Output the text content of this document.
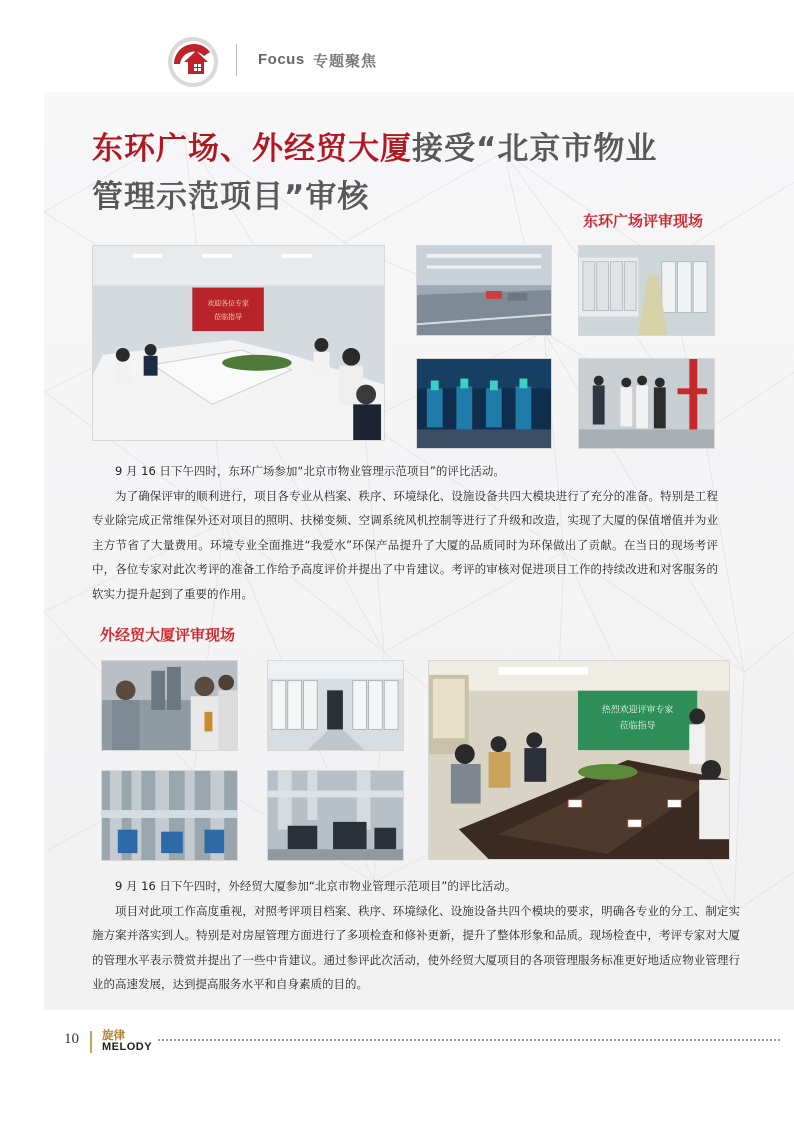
Focus 专题聚焦
东环广场、外经贸大厦接受“北京市物业
管理示范项目”审核
东环广场评审现场
欢迎各位专家
莅临指导

9 月 16 日下午四时，东环广场参加“北京市物业管理示范项目”的评比活动。

为了确保评审的顺利进行，项目各专业从档案、秩序、环境绿化、设施设备共四大模块进行了充分的准备。特别是工程专业除完成正常维保外还对项目的照明、扶梯变频、空调系统风机控制等进行了升级和改造，实现了大厦的保值增值并为业主方节省了大量费用。环境专业全面推进“我爱水”环保产品提升了大厦的品质同时为环保做出了贡献。在当日的现场考评中，各位专家对此次考评的准备工作给予高度评价并提出了中肯建议。考评的审核对促进项目工作的持续改进和对客服务的软实力提升起到了重要的作用。

外经贸大厦评审现场
热烈欢迎评审专家
莅临指导

9 月 16 日下午四时，外经贸大厦参加“北京市物业管理示范项目”的评比活动。

项目对此项工作高度重视，对照考评项目档案、秩序、环境绿化、设施设备共四个模块的要求，明确各专业的分工、制定实施方案并落实到人。特别是对房屋管理方面进行了多项检查和修补更新，提升了整体形象和品质。现场检查中，考评专家对大厦的管理水平表示赞赏并提出了一些中肯建议。通过参评此次活动，使外经贸大厦项目的各项管理服务标准更好地适应物业管理行业的高速发展，达到提高服务水平和自身素质的目的。

10 旋律
MELODY
